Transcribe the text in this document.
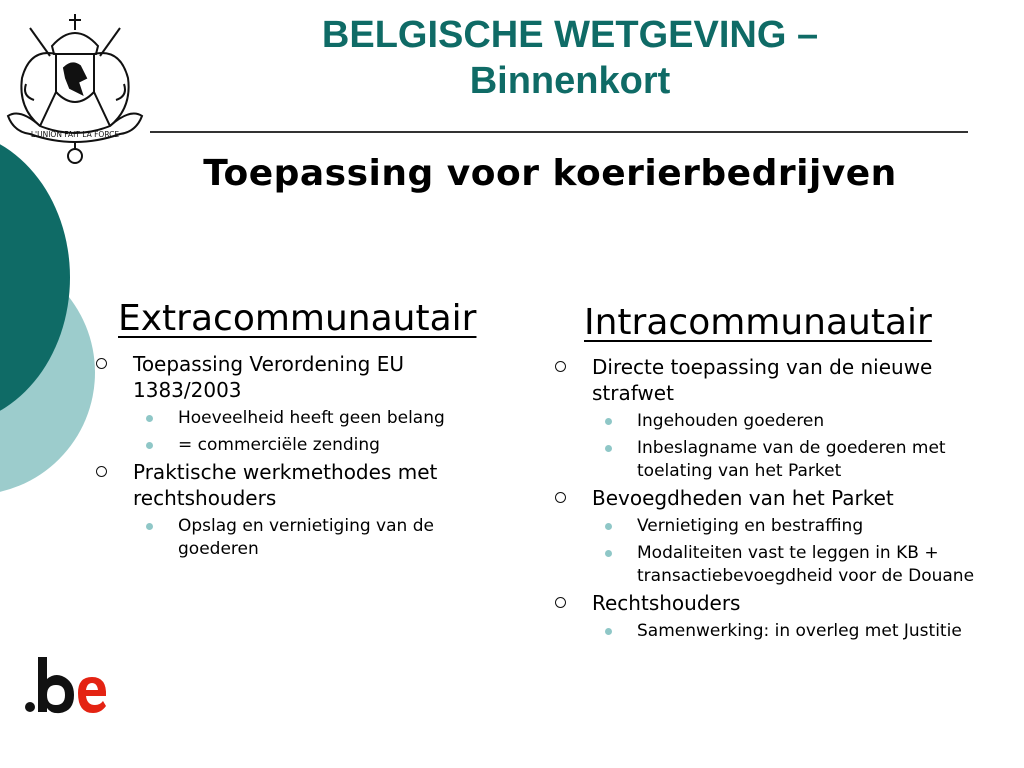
L'UNION FAIT LA FORCE
BELGISCHE WETGEVING –
Binnenkort
Toepassing voor koerierbedrijven
Extracommunautair
Toepassing Verordening EU 1383/2003
Hoeveelheid heeft geen belang
= commerciële zending
Praktische werkmethodes met rechtshouders
Opslag en vernietiging van de goederen
Intracommunautair
Directe toepassing van de nieuwe strafwet
Ingehouden goederen
Inbeslagname van de goederen met toelating van het Parket
Bevoegdheden van het Parket
Vernietiging en bestraffing
Modaliteiten vast te leggen in KB + transactiebevoegdheid voor de Douane
Rechtshouders
Samenwerking: in overleg met Justitie
